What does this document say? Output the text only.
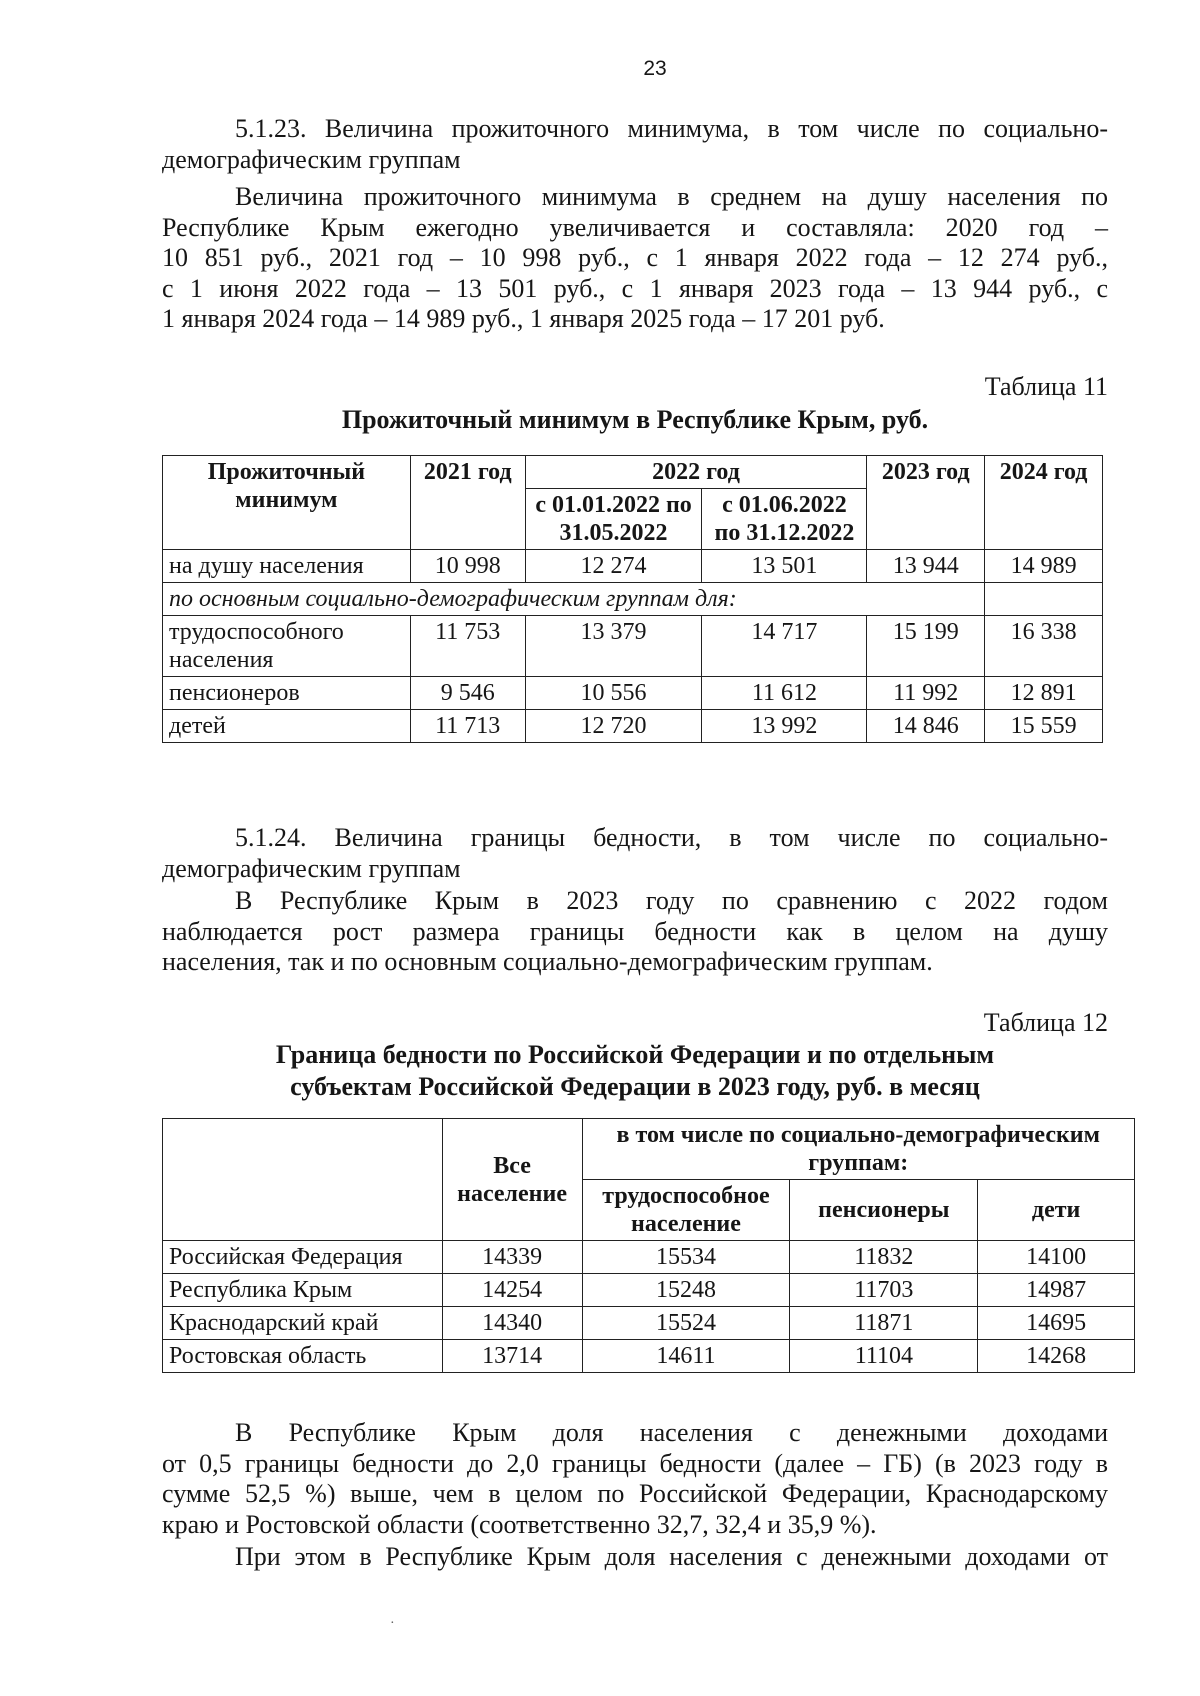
23
5.1.23. Величина прожиточного минимума, в том числе по социально-
демографическим группам
Величина прожиточного минимума в среднем на душу населения по
Республике Крым ежегодно увеличивается и составляла: 2020 год –
10 851 руб., 2021 год – 10 998 руб., с 1 января 2022 года – 12 274 руб.,
с 1 июня 2022 года – 13 501 руб., с 1 января 2023 года – 13 944 руб., с
1 января 2024 года – 14 989 руб., 1 января 2025 года – 17 201 руб.
Таблица 11
Прожиточный минимум в Республике Крым, руб.
Прожиточный минимум	2021 год	2022 год		2023 год	2024 год
		с 01.01.2022 по 31.05.2022	с 01.06.2022 по 31.12.2022		
на душу населения	10 998	12 274	13 501	13 944	14 989
по основным социально-демографическим группам для:					
трудоспособного населения	11 753	13 379	14 717	15 199	16 338
пенсионеров	9 546	10 556	11 612	11 992	12 891
детей	11 713	12 720	13 992	14 846	15 559
5.1.24. Величина границы бедности, в том числе по социально-
демографическим группам
В Республике Крым в 2023 году по сравнению с 2022 годом
наблюдается рост размера границы бедности как в целом на душу
населения, так и по основным социально-демографическим группам.
Таблица 12
Граница бедности по Российской Федерации и по отдельным
субъектам Российской Федерации в 2023 году, руб. в месяц
	Все население	в том числе по социально-демографическим группам:		
		трудоспособное население	пенсионеры	дети
Российская Федерация	14339	15534	11832	14100
Республика Крым	14254	15248	11703	14987
Краснодарский край	14340	15524	11871	14695
Ростовская область	13714	14611	11104	14268
В Республике Крым доля населения с денежными доходами
от 0,5 границы бедности до 2,0 границы бедности (далее – ГБ) (в 2023 году в
сумме 52,5 %) выше, чем в целом по Российской Федерации, Краснодарскому
краю и Ростовской области (соответственно 32,7, 32,4 и 35,9 %).
При этом в Республике Крым доля населения с денежными доходами от
·
